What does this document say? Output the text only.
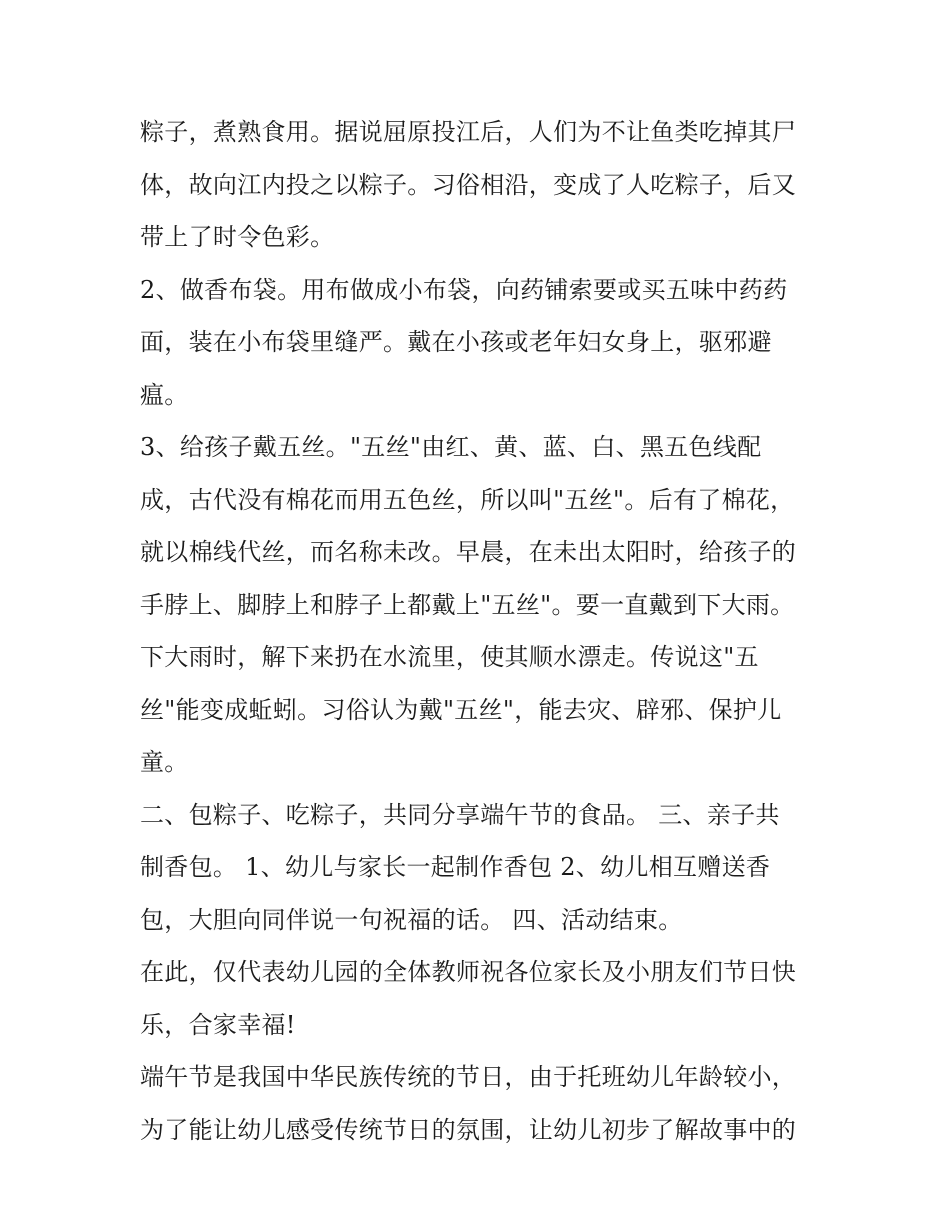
粽子，煮熟食用。据说屈原投江后，人们为不让鱼类吃掉其尸
体，故向江内投之以粽子。习俗相沿，变成了人吃粽子，后又
带上了时令色彩。
2、做香布袋。用布做成小布袋，向药铺索要或买五味中药药
面，装在小布袋里缝严。戴在小孩或老年妇女身上，驱邪避
瘟。
3、给孩子戴五丝。"五丝"由红、黄、蓝、白、黑五色线配
成，古代没有棉花而用五色丝，所以叫"五丝"。后有了棉花，
就以棉线代丝，而名称未改。早晨，在未出太阳时，给孩子的
手脖上、脚脖上和脖子上都戴上"五丝"。要一直戴到下大雨。
下大雨时，解下来扔在水流里，使其顺水漂走。传说这"五
丝"能变成蚯蚓。习俗认为戴"五丝"，能去灾、辟邪、保护儿
童。
二、包粽子、吃粽子，共同分享端午节的食品。 三、亲子共
制香包。 1、幼儿与家长一起制作香包 2、幼儿相互赠送香
包，大胆向同伴说一句祝福的话。 四、活动结束。
在此，仅代表幼儿园的全体教师祝各位家长及小朋友们节日快
乐，合家幸福!
端午节是我国中华民族传统的节日，由于托班幼儿年龄较小，
为了能让幼儿感受传统节日的氛围，让幼儿初步了解故事中的
